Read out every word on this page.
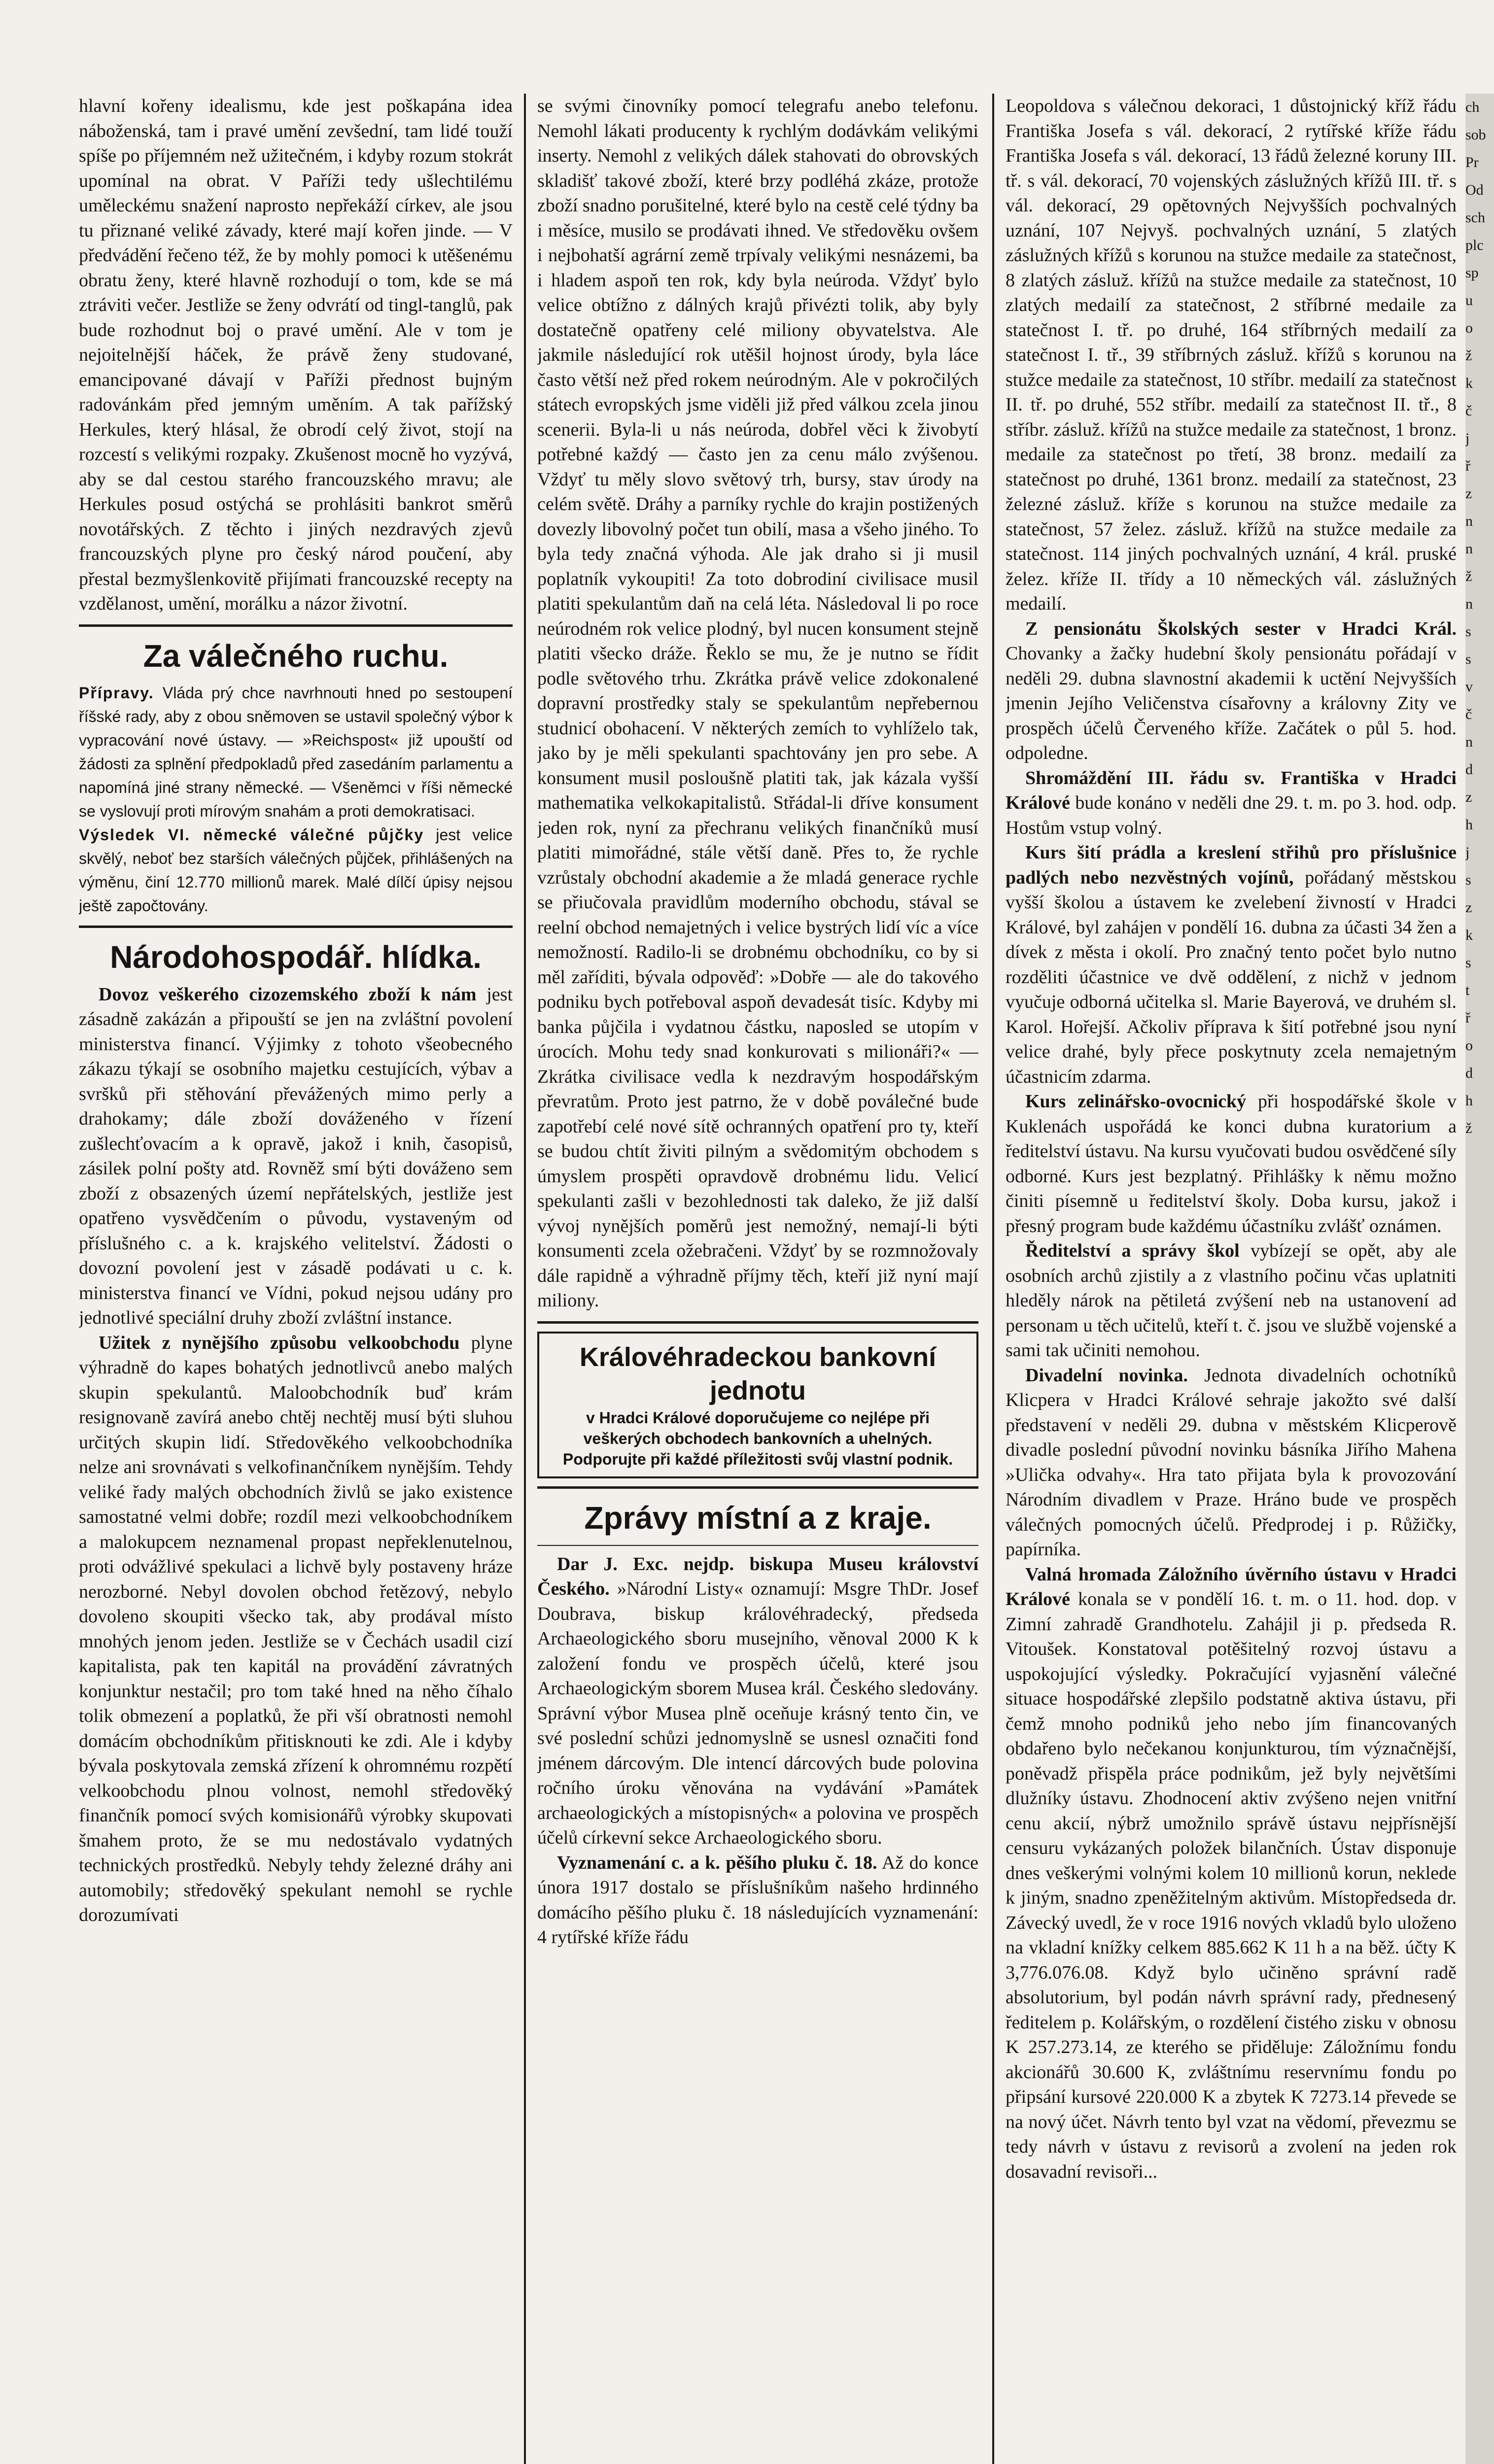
hlavní kořeny idealismu, kde jest poškapána idea náboženská, tam i pravé umění zevšední, tam lidé touží spíše po příjemném než užitečném, i kdyby rozum stokrát upomínal na obrat. V Paříži tedy ušlechtilému uměleckému snažení naprosto nepřekáží církev, ale jsou tu přiznané veliké závady, které mají kořen jinde. — V předvádění řečeno též, že by mohly pomoci k utěšenému obratu ženy, které hlavně rozhodují o tom, kde se má ztráviti večer. Jestliže se ženy odvrátí od tingl-tanglů, pak bude rozhodnut boj o pravé umění. Ale v tom je nejoitelnější háček, že právě ženy studované, emancipované dávají v Paříži přednost bujným radovánkám před jemným uměním. A tak pařížský Herkules, který hlásal, že obrodí celý život, stojí na rozcestí s velikými rozpaky. Zkušenost mocně ho vyzývá, aby se dal cestou starého francouzského mravu; ale Herkules posud ostýchá se prohlásiti bankrot směrů novotářských. Z těchto i jiných nezdravých zjevů francouzských plyne pro český národ poučení, aby přestal bezmyšlenkovitě přijímati francouzské recepty na vzdělanost, umění, morálku a názor životní.

Za válečného ruchu.
Přípravy. Vláda prý chce navrhnouti hned po sestoupení říšské rady, aby z obou sněmoven se ustavil společný výbor k vypracování nové ústavy. — »Reichspost« již upouští od žádosti za splnění předpokladů před zasedáním parlamentu a napomíná jiné strany německé. — Všeněmci v říši německé se vyslovují proti mírovým snahám a proti demokratisaci.
Výsledek VI. německé válečné půjčky jest velice skvělý, neboť bez starších válečných půjček, přihlášených na výměnu, činí 12.770 millionů marek. Malé dílčí úpisy nejsou ještě započtovány.
Národohospodář. hlídka.

Dovoz veškerého cizozemského zboží k nám jest zásadně zakázán a připouští se jen na zvláštní povolení ministerstva financí. Výjimky z tohoto všeobecného zákazu týkají se osobního majetku cestujících, výbav a svršků při stěhování převážených mimo perly a drahokamy; dále zboží dováženého v řízení zušlechťovacím a k opravě, jakož i knih, časopisů, zásilek polní pošty atd. Rovněž smí býti dováženo sem zboží z obsazených území nepřátelských, jestliže jest opatřeno vysvědčením o původu, vystaveným od příslušného c. a k. krajského velitelství. Žádosti o dovozní povolení jest v zásadě podávati u c. k. ministerstva financí ve Vídni, pokud nejsou udány pro jednotlivé speciální druhy zboží zvláštní instance.

Užitek z nynějšího způsobu velkoobchodu plyne výhradně do kapes bohatých jednotlivců anebo malých skupin spekulantů. Maloobchodník buď krám resignovaně zavírá anebo chtěj nechtěj musí býti sluhou určitých skupin lidí. Středověkého velkoobchodníka nelze ani srovnávati s velkofinančníkem nynějším. Tehdy veliké řady malých obchodních živlů se jako existence samostatné velmi dobře; rozdíl mezi velkoobchodníkem a malokupcem neznamenal propast nepřeklenutelnou, proti odvážlivé spekulaci a lichvě byly postaveny hráze nerozborné. Nebyl dovolen obchod řetězový, nebylo dovoleno skoupiti všecko tak, aby prodával místo mnohých jenom jeden. Jestliže se v Čechách usadil cizí kapitalista, pak ten kapitál na provádění závratných konjunktur nestačil; pro tom také hned na něho číhalo tolik obmezení a poplatků, že při vší obratnosti nemohl domácím obchodníkům přitisknouti ke zdi. Ale i kdyby bývala poskytovala zemská zřízení k ohromnému rozpětí velkoobchodu plnou volnost, nemohl středověký finančník pomocí svých komisionářů výrobky skupovati šmahem proto, že se mu nedostávalo vydatných technických prostředků. Nebyly tehdy železné dráhy ani automobily; středověký spekulant nemohl se rychle dorozumívati

se svými činovníky pomocí telegrafu anebo telefonu. Nemohl lákati producenty k rychlým dodávkám velikými inserty. Nemohl z velikých dálek stahovati do obrovských skladišť takové zboží, které brzy podléhá zkáze, protože zboží snadno porušitelné, které bylo na cestě celé týdny ba i měsíce, musilo se prodávati ihned. Ve středověku ovšem i nejbohatší agrární země trpívaly velikými nesnázemi, ba i hladem aspoň ten rok, kdy byla neúroda. Vždyť bylo velice obtížno z dálných krajů přivézti tolik, aby byly dostatečně opatřeny celé miliony obyvatelstva. Ale jakmile následující rok utěšil hojnost úrody, byla láce často větší než před rokem neúrodným. Ale v pokročilých státech evropských jsme viděli již před válkou zcela jinou scenerii. Byla-li u nás neúroda, dobřel věci k živobytí potřebné každý — často jen za cenu málo zvýšenou. Vždyť tu měly slovo světový trh, bursy, stav úrody na celém světě. Dráhy a parníky rychle do krajin postižených dovezly libovolný počet tun obilí, masa a všeho jiného. To byla tedy značná výhoda. Ale jak draho si ji musil poplatník vykoupiti! Za toto dobrodiní civilisace musil platiti spekulantům daň na celá léta. Následoval li po roce neúrodném rok velice plodný, byl nucen konsument stejně platiti všecko dráže. Řeklo se mu, že je nutno se řídit podle světového trhu. Zkrátka právě velice zdokonalené dopravní prostředky staly se spekulantům nepřebernou studnicí obohacení. V některých zemích to vyhlíželo tak, jako by je měli spekulanti spachtovány jen pro sebe. A konsument musil posloušně platiti tak, jak kázala vyšší mathematika velkokapitalistů. Střádal-li dříve konsument jeden rok, nyní za přechranu velikých finančníků musí platiti mimořádné, stále větší daně. Přes to, že rychle vzrůstaly obchodní akademie a že mladá generace rychle se přiučovala pravidlům moderního obchodu, stával se reelní obchod nemajetných i velice bystrých lidí víc a více nemožností. Radilo-li se drobnému obchodníku, co by si měl zaříditi, bývala odpověď: »Dobře — ale do takového podniku bych potřeboval aspoň devadesát tisíc. Kdyby mi banka půjčila i vydatnou částku, naposled se utopím v úrocích. Mohu tedy snad konkurovati s milionáři?« — Zkrátka civilisace vedla k nezdravým hospodářským převratům. Proto jest patrno, že v době poválečné bude zapotřebí celé nové sítě ochranných opatření pro ty, kteří se budou chtít živiti pilným a svědomitým obchodem s úmyslem prospěti opravdově drobnému lidu. Velicí spekulanti zašli v bezohlednosti tak daleko, že již další vývoj nynějších poměrů jest nemožný, nemají-li býti konsumenti zcela ožebračeni. Vždyť by se rozmnožovaly dále rapidně a výhradně příjmy těch, kteří již nyní mají miliony.

Královéhradeckou bankovní jednotu
v Hradci Králové doporučujeme co nejlépe při veškerých obchodech bankovních a uhelných. Podporujte při každé příležitosti svůj vlastní podnik.
Zprávy místní a z kraje.

Dar J. Exc. nejdp. biskupa Museu království Českého. »Národní Listy« oznamují: Msgre ThDr. Josef Doubrava, biskup královéhradecký, předseda Archaeologického sboru musejního, věnoval 2000 K k založení fondu ve prospěch účelů, které jsou Archaeologickým sborem Musea král. Českého sledovány. Správní výbor Musea plně oceňuje krásný tento čin, ve své poslední schůzi jednomyslně se usnesl označiti fond jménem dárcovým. Dle intencí dárcových bude polovina ročního úroku věnována na vydávání »Památek archaeologických a místopisných« a polovina ve prospěch účelů církevní sekce Archaeologického sboru.

Vyznamenání c. a k. pěšího pluku č. 18. Až do konce února 1917 dostalo se příslušníkům našeho hrdinného domácího pěšího pluku č. 18 následujících vyznamenání: 4 rytířské kříže řádu

Leopoldova s válečnou dekoraci, 1 důstojnický kříž řádu Františka Josefa s vál. dekorací, 2 rytířské kříže řádu Františka Josefa s vál. dekorací, 13 řádů železné koruny III. tř. s vál. dekorací, 70 vojenských záslužných křížů III. tř. s vál. dekorací, 29 opětovných Nejvyšších pochvalných uznání, 107 Nejvyš. pochvalných uznání, 5 zlatých záslužných křížů s korunou na stužce medaile za statečnost, 8 zlatých zásluž. křížů na stužce medaile za statečnost, 10 zlatých medailí za statečnost, 2 stříbrné medaile za statečnost I. tř. po druhé, 164 stříbrných medailí za statečnost I. tř., 39 stříbrných zásluž. křížů s korunou na stužce medaile za statečnost, 10 stříbr. medailí za statečnost II. tř. po druhé, 552 stříbr. medailí za statečnost II. tř., 8 stříbr. zásluž. křížů na stužce medaile za statečnost, 1 bronz. medaile za statečnost po třetí, 38 bronz. medailí za statečnost po druhé, 1361 bronz. medailí za statečnost, 23 železné zásluž. kříže s korunou na stužce medaile za statečnost, 57 želez. zásluž. křížů na stužce medaile za statečnost. 114 jiných pochvalných uznání, 4 král. pruské želez. kříže II. třídy a 10 německých vál. záslužných medailí.

Z pensionátu Školských sester v Hradci Král. Chovanky a žačky hudební školy pensionátu pořádají v neděli 29. dubna slavnostní akademii k uctění Nejvyšších jmenin Jejího Veličenstva císařovny a královny Zity ve prospěch účelů Červeného kříže. Začátek o půl 5. hod. odpoledne.

Shromáždění III. řádu sv. Františka v Hradci Králové bude konáno v neděli dne 29. t. m. po 3. hod. odp. Hostům vstup volný.

Kurs šití prádla a kreslení střihů pro příslušnice padlých nebo nezvěstných vojínů, pořádaný městskou vyšší školou a ústavem ke zvelebení živností v Hradci Králové, byl zahájen v pondělí 16. dubna za účasti 34 žen a dívek z města i okolí. Pro značný tento počet bylo nutno rozděliti účastnice ve dvě oddělení, z nichž v jednom vyučuje odborná učitelka sl. Marie Bayerová, ve druhém sl. Karol. Hořejší. Ačkoliv příprava k šití potřebné jsou nyní velice drahé, byly přece poskytnuty zcela nemajetným účastnicím zdarma.

Kurs zelinářsko-ovocnický při hospodářské škole v Kuklenách uspořádá ke konci dubna kuratorium a ředitelství ústavu. Na kursu vyučovati budou osvědčené síly odborné. Kurs jest bezplatný. Přihlášky k němu možno činiti písemně u ředitelství školy. Doba kursu, jakož i přesný program bude každému účastníku zvlášť oznámen.

Ředitelství a správy škol vybízejí se opět, aby ale osobních archů zjistily a z vlastního počinu včas uplatniti hleděly nárok na pětiletá zvýšení neb na ustanovení ad personam u těch učitelů, kteří t. č. jsou ve službě vojenské a sami tak učiniti nemohou.

Divadelní novinka. Jednota divadelních ochotníků Klicpera v Hradci Králové sehraje jakožto své další představení v neděli 29. dubna v městském Klicperově divadle poslední původní novinku básníka Jiřího Mahena »Ulička odvahy«. Hra tato přijata byla k provozování Národním divadlem v Praze. Hráno bude ve prospěch válečných pomocných účelů. Předprodej i p. Růžičky, papírníka.

Valná hromada Záložního úvěrního ústavu v Hradci Králové konala se v pondělí 16. t. m. o 11. hod. dop. v Zimní zahradě Grandhotelu. Zahájil ji p. předseda R. Vitoušek. Konstatoval potěšitelný rozvoj ústavu a uspokojující výsledky. Pokračující vyjasnění válečné situace hospodářské zlepšilo podstatně aktiva ústavu, při čemž mnoho podniků jeho nebo jím financovaných obdařeno bylo nečekanou konjunkturou, tím význačnější, poněvadž přispěla práce podnikům, jež byly největšími dlužníky ústavu. Zhodnocení aktiv zvýšeno nejen vnitřní cenu akcií, nýbrž umožnilo správě ústavu nejpřísnější censuru vykázaných položek bilančních. Ústav disponuje dnes veškerými volnými kolem 10 millionů korun, neklede k jiným, snadno zpeněžitelným aktivům. Místopředseda dr. Závecký uvedl, že v roce 1916 nových vkladů bylo uloženo na vkladní knížky celkem 885.662 K 11 h a na běž. účty K 3,776.076.08. Když bylo učiněno správní radě absolutorium, byl podán návrh správní rady, přednesený ředitelem p. Kolářským, o rozdělení čistého zisku v obnosu K 257.273.14, ze kterého se přiděluje: Záložnímu fondu akcionářů 30.600 K, zvláštnímu reservnímu fondu po připsání kursové 220.000 K a zbytek K 7273.14 převede se na nový účet. Návrh tento byl vzat na vědomí, převezmu se tedy návrh v ústavu z revisorů a zvolení na jeden rok dosavadní revisoři...

ch
sob
Pr
Od
sch
plc
sp
u
o
ž
k
č
j
ř
z
n
n
ž
n
s
s
v
č
n
d
z
h
j
s
z
k
s
t
ř
o
d
h
ž
